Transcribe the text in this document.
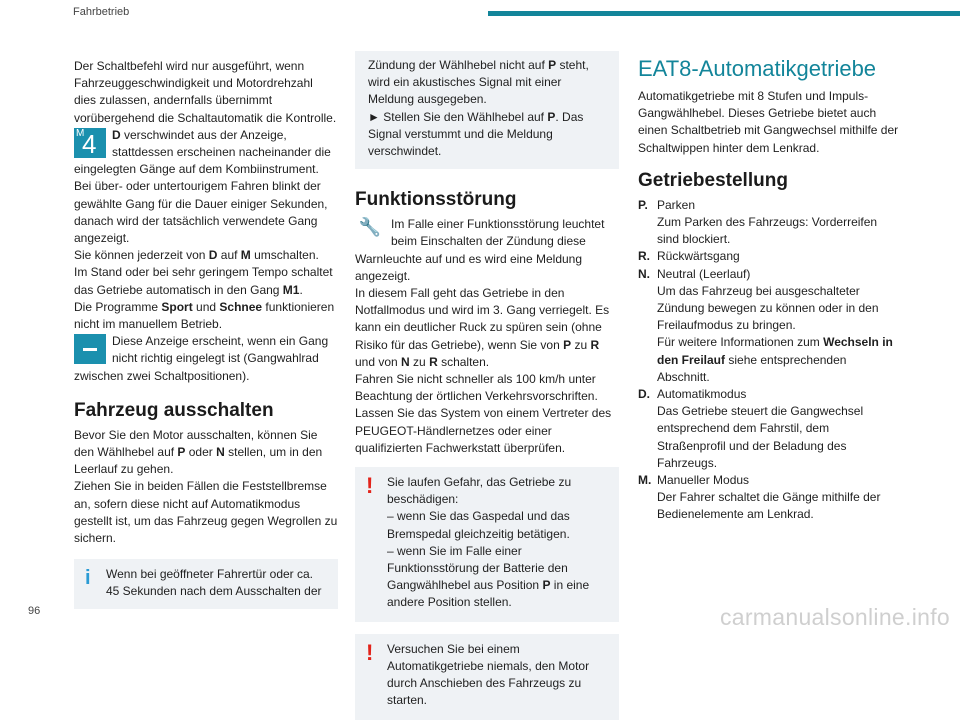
Fahrbetrieb

Der Schaltbefehl wird nur ausgeführt, wenn Fahrzeuggeschwindigkeit und Motordrehzahl dies zulassen, andernfalls übernimmt vorübergehend die Schaltautomatik die Kontrolle.

M
4	D verschwindet aus der Anzeige, stattdessen erscheinen nacheinander die eingelegten Gänge auf dem Kombiinstrument.

Bei über- oder untertourigem Fahren blinkt der gewählte Gang für die Dauer einiger Sekunden, danach wird der tatsächlich verwendete Gang angezeigt.

Sie können jederzeit von D auf M umschalten.

Im Stand oder bei sehr geringem Tempo schaltet das Getriebe automatisch in den Gang M1.

Die Programme Sport und Schnee funktionieren nicht im manuellem Betrieb.

Diese Anzeige erscheint, wenn ein Gang nicht richtig eingelegt ist (Gangwahlrad zwischen zwei Schaltpositionen).

Fahrzeug ausschalten

Bevor Sie den Motor ausschalten, können Sie den Wählhebel auf P oder N stellen, um in den Leerlauf zu gehen.

Ziehen Sie in beiden Fällen die Feststellbremse an, sofern diese nicht auf Automatikmodus gestellt ist, um das Fahrzeug gegen Wegrollen zu sichern.

i Wenn bei geöffneter Fahrertür oder ca.

45 Sekunden nach dem Ausschalten der

Zündung der Wählhebel nicht auf P steht, wird ein akustisches Signal mit einer Meldung ausgegeben.

► Stellen Sie den Wählhebel auf P. Das Signal verstummt und die Meldung verschwindet.

Funktionsstörung
🔧 Im Falle einer Funktionsstörung leuchtet beim Einschalten der Zündung diese Warnleuchte auf und es wird eine Meldung angezeigt.

In diesem Fall geht das Getriebe in den Notfallmodus und wird im 3. Gang verriegelt. Es kann ein deutlicher Ruck zu spüren sein (ohne Risiko für das Getriebe), wenn Sie von P zu R und von N zu R schalten.

Fahren Sie nicht schneller als 100 km/h unter Beachtung der örtlichen Verkehrsvorschriften.

Lassen Sie das System von einem Vertreter des PEUGEOT-Händlernetzes oder einer qualifizierten Fachwerkstatt überprüfen.

! Sie laufen Gefahr, das Getriebe zu beschädigen:

– wenn Sie das Gaspedal und das Bremspedal gleichzeitig betätigen.

– wenn Sie im Falle einer Funktionsstörung der Batterie den Gangwählhebel aus Position P in eine andere Position stellen.

! Versuchen Sie bei einem Automatikgetriebe niemals, den Motor durch Anschieben des Fahrzeugs zu starten.

EAT8-Automatikgetriebe

Automatikgetriebe mit 8 Stufen und Impuls-Gangwählhebel. Dieses Getriebe bietet auch einen Schaltbetrieb mit Gangwechsel mithilfe der Schaltwippen hinter dem Lenkrad.

Getriebestellung
P. Parken

Zum Parken des Fahrzeugs: Vorderreifen sind blockiert.

R. Rückwärtsgang

N. Neutral (Leerlauf)

Um das Fahrzeug bei ausgeschalteter Zündung bewegen zu können oder in den Freilaufmodus zu bringen.

Für weitere Informationen zum Wechseln in den Freilauf siehe entsprechenden Abschnitt.

D. Automatikmodus

Das Getriebe steuert die Gangwechsel entsprechend dem Fahrstil, dem Straßenprofil und der Beladung des Fahrzeugs.

M. Manueller Modus

Der Fahrer schaltet die Gänge mithilfe der Bedienelemente am Lenkrad.

96	carmanualsonline.info
